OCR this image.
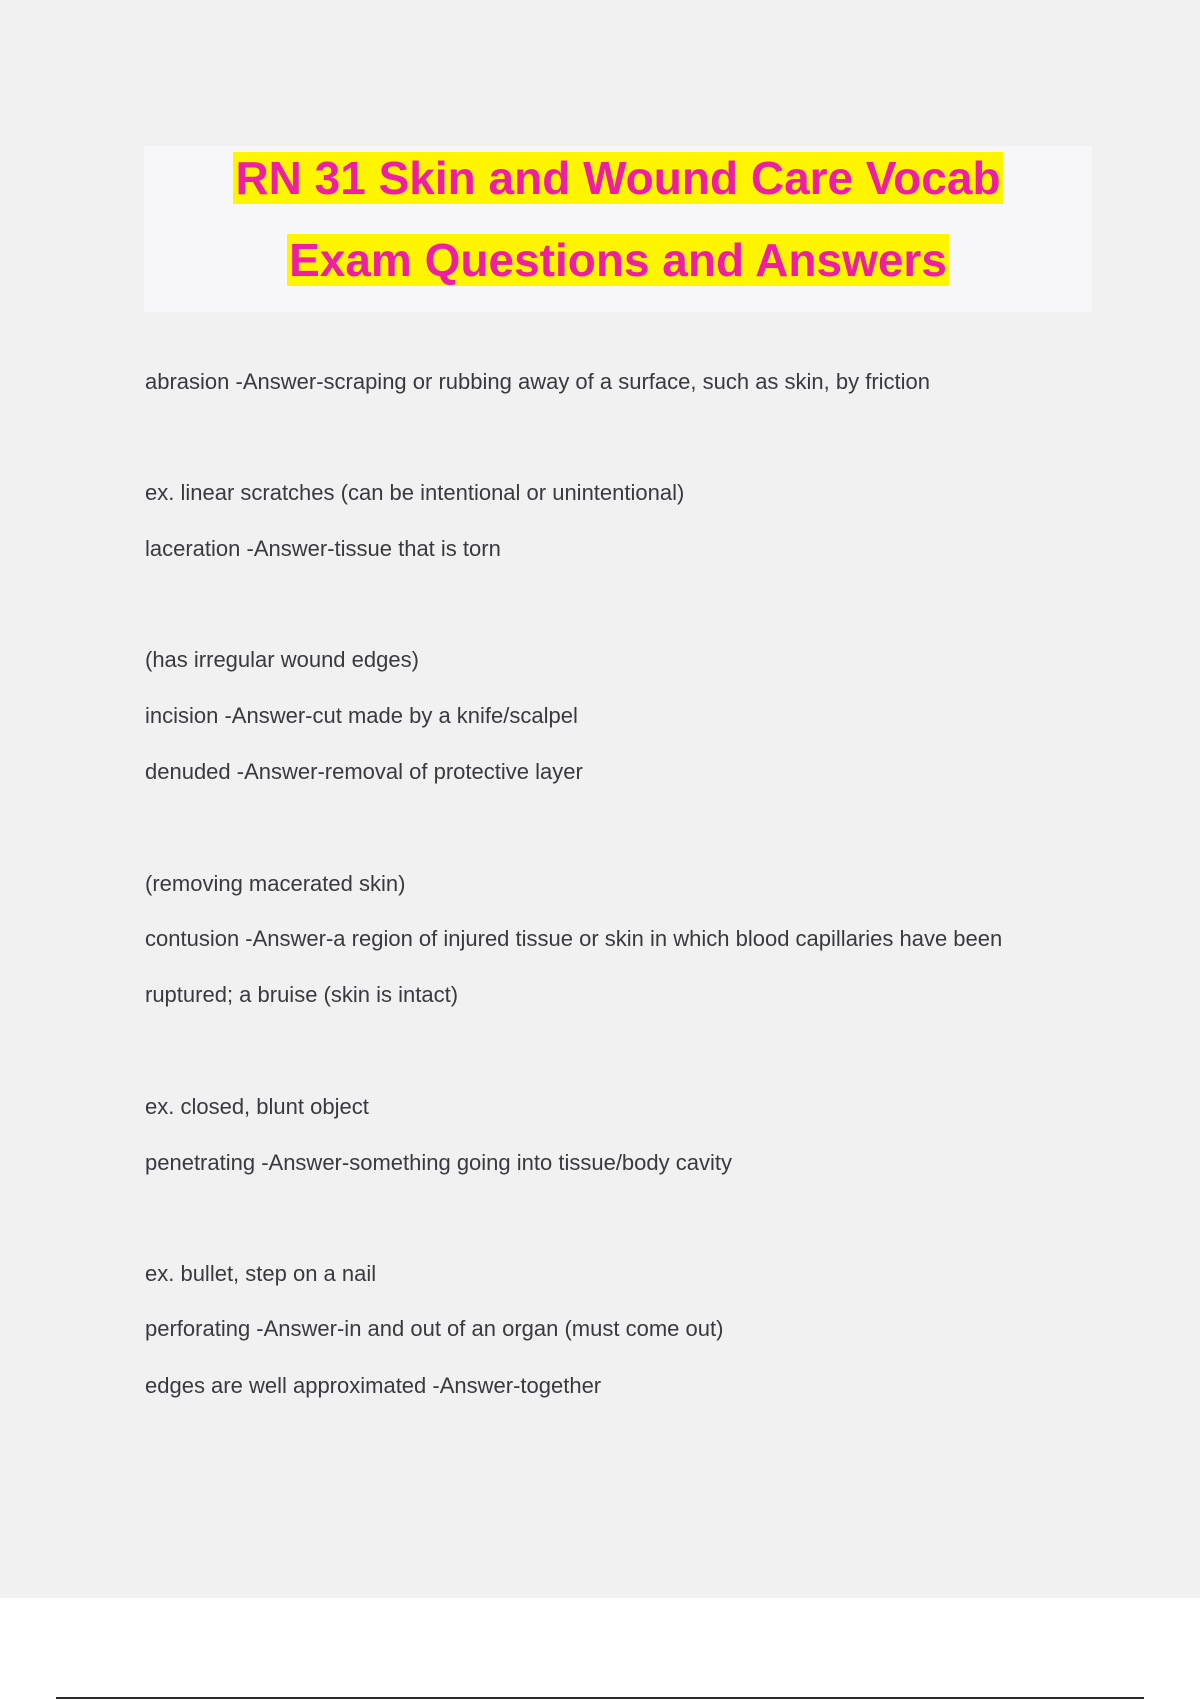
RN 31 Skin and Wound Care Vocab
Exam Questions and Answers
abrasion -Answer-scraping or rubbing away of a surface, such as skin, by friction
ex. linear scratches (can be intentional or unintentional)
laceration -Answer-tissue that is torn
(has irregular wound edges)
incision -Answer-cut made by a knife/scalpel
denuded -Answer-removal of protective layer
(removing macerated skin)
contusion -Answer-a region of injured tissue or skin in which blood capillaries have been
ruptured; a bruise (skin is intact)
ex. closed, blunt object
penetrating -Answer-something going into tissue/body cavity
ex. bullet, step on a nail
perforating -Answer-in and out of an organ (must come out)
edges are well approximated -Answer-together
